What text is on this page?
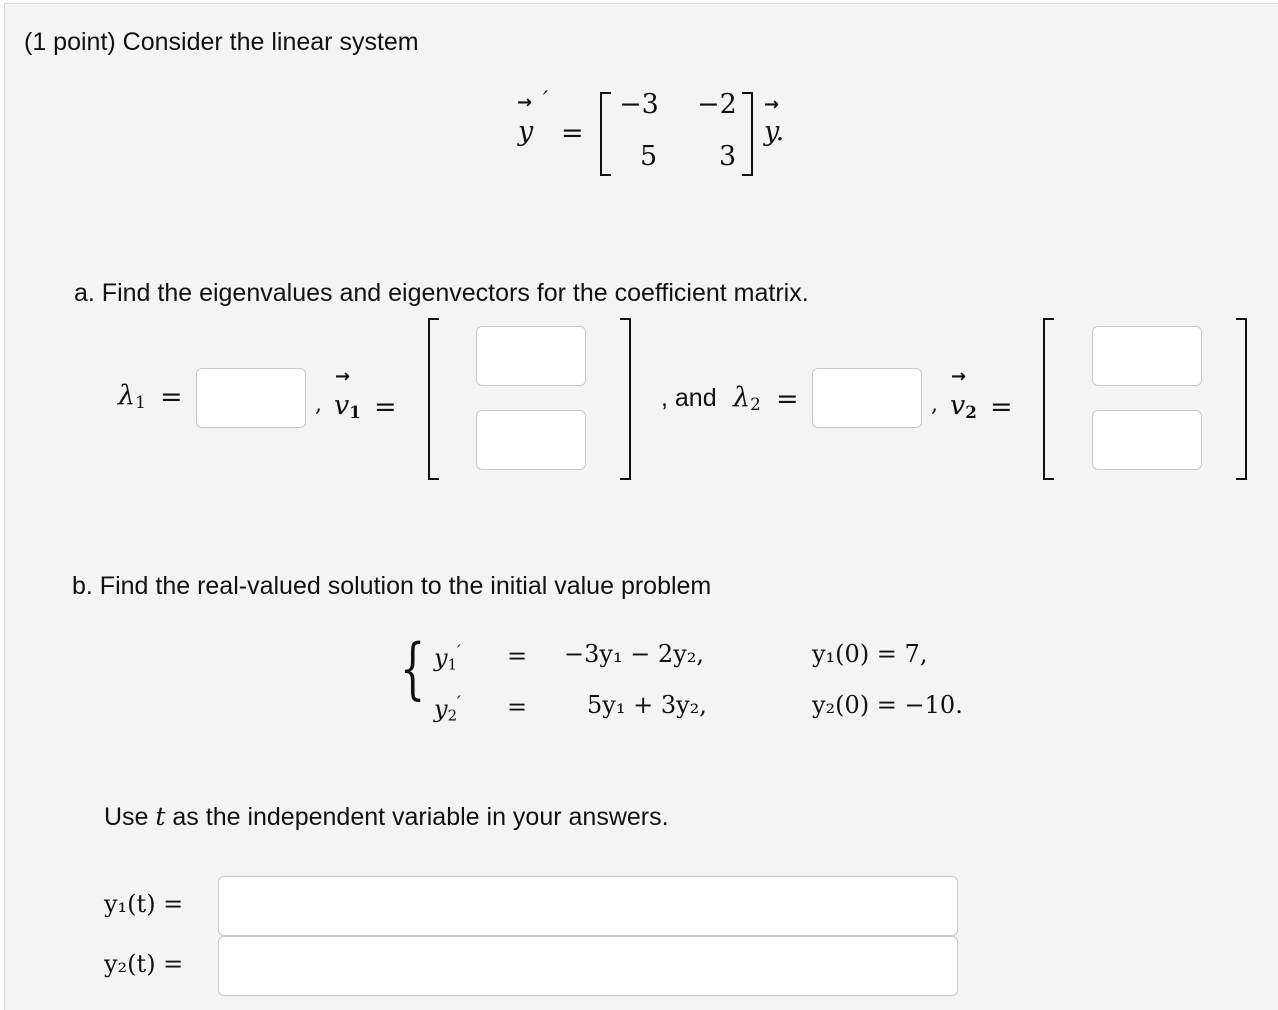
(1 point) Consider the linear system
→ ′
y =
−3 −2
5 3
→
y.
a. Find the eigenvalues and eigenvectors for the coefficient matrix.
$\lambda_1$ =	,
→
$v_1$ =	, and $\lambda_2$ =	,
→
$v_2$ =
b. Find the real-valued solution to the initial value problem
{ $y_1' = -3y_1 - 2y_2$,	y₁(0) = 7,
$y_2' = 5y_1 + 3y_2$,	y₂(0) = −10.
Use t as the independent variable in your answers.
y₁(t) =
y₂(t) =
